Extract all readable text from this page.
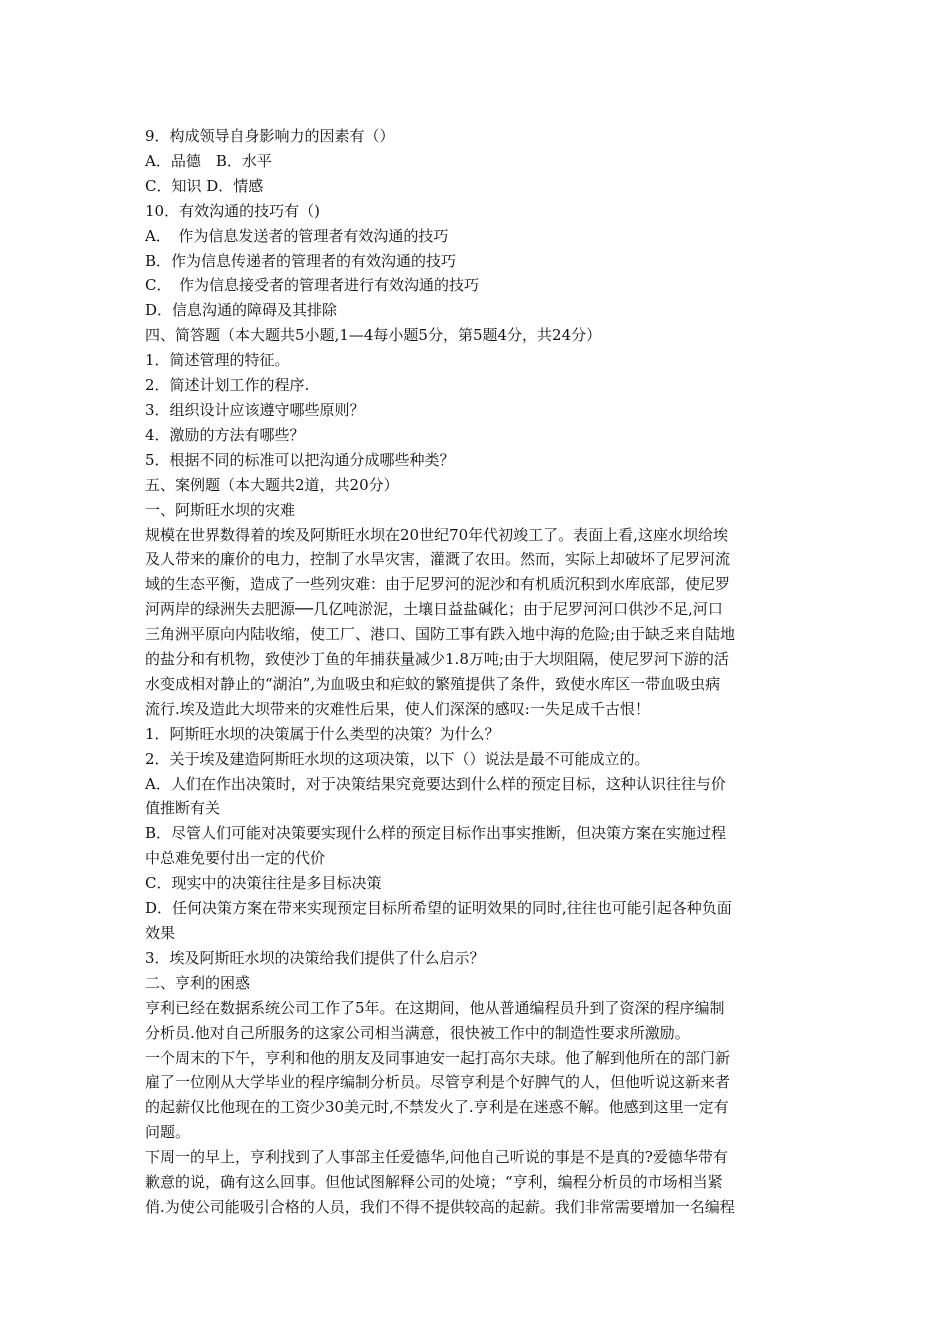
9．构成领导自身影响力的因素有（）
A．品德　B．水平
C．知识 D．情感
10．有效沟通的技巧有（)
A．　作为信息发送者的管理者有效沟通的技巧
B．作为信息传递者的管理者的有效沟通的技巧
C．　作为信息接受者的管理者进行有效沟通的技巧
D．信息沟通的障碍及其排除
四、简答题（本大题共5小题,1—4每小题5分，第5题4分，共24分）
1．简述管理的特征。
2．简述计划工作的程序.
3．组织设计应该遵守哪些原则？
4．激励的方法有哪些？
5．根据不同的标准可以把沟通分成哪些种类？
五、案例题（本大题共2道，共20分）
一、阿斯旺水坝的灾难
规模在世界数得着的埃及阿斯旺水坝在20世纪70年代初竣工了。表面上看,这座水坝给埃
及人带来的廉价的电力，控制了水旱灾害，灌溉了农田。然而，实际上却破坏了尼罗河流
域的生态平衡，造成了一些列灾难：由于尼罗河的泥沙和有机质沉积到水库底部，使尼罗
河两岸的绿洲失去肥源──几亿吨淤泥，土壤日益盐碱化；由于尼罗河河口供沙不足,河口
三角洲平原向内陆收缩，使工厂、港口、国防工事有跌入地中海的危险;由于缺乏来自陆地
的盐分和有机物，致使沙丁鱼的年捕获量减少1.8万吨;由于大坝阻隔，使尼罗河下游的活
水变成相对静止的“湖泊”,为血吸虫和疟蚊的繁殖提供了条件，致使水库区一带血吸虫病
流行.埃及造此大坝带来的灾难性后果，使人们深深的感叹:一失足成千古恨！
1．阿斯旺水坝的决策属于什么类型的决策？为什么？
2．关于埃及建造阿斯旺水坝的这项决策，以下（）说法是最不可能成立的。
A．人们在作出决策时，对于决策结果究竟要达到什么样的预定目标，这种认识往往与价
值推断有关
B．尽管人们可能对决策要实现什么样的预定目标作出事实推断，但决策方案在实施过程
中总难免要付出一定的代价
C．现实中的决策往往是多目标决策
D．任何决策方案在带来实现预定目标所希望的证明效果的同时,往往也可能引起各种负面
效果
3．埃及阿斯旺水坝的决策给我们提供了什么启示？
二、亨利的困惑
亨利已经在数据系统公司工作了5年。在这期间，他从普通编程员升到了资深的程序编制
分析员.他对自己所服务的这家公司相当满意，很快被工作中的制造性要求所激励。
一个周末的下午，亨利和他的朋友及同事迪安一起打高尔夫球。他了解到他所在的部门新
雇了一位刚从大学毕业的程序编制分析员。尽管亨利是个好脾气的人，但他听说这新来者
的起薪仅比他现在的工资少30美元时,不禁发火了.亨利是在迷惑不解。他感到这里一定有
问题。
下周一的早上，亨利找到了人事部主任爱德华,问他自己听说的事是不是真的?爱德华带有
歉意的说，确有这么回事。但他试图解释公司的处境；“亨利，编程分析员的市场相当紧
俏.为使公司能吸引合格的人员，我们不得不提供较高的起薪。我们非常需要增加一名编程
